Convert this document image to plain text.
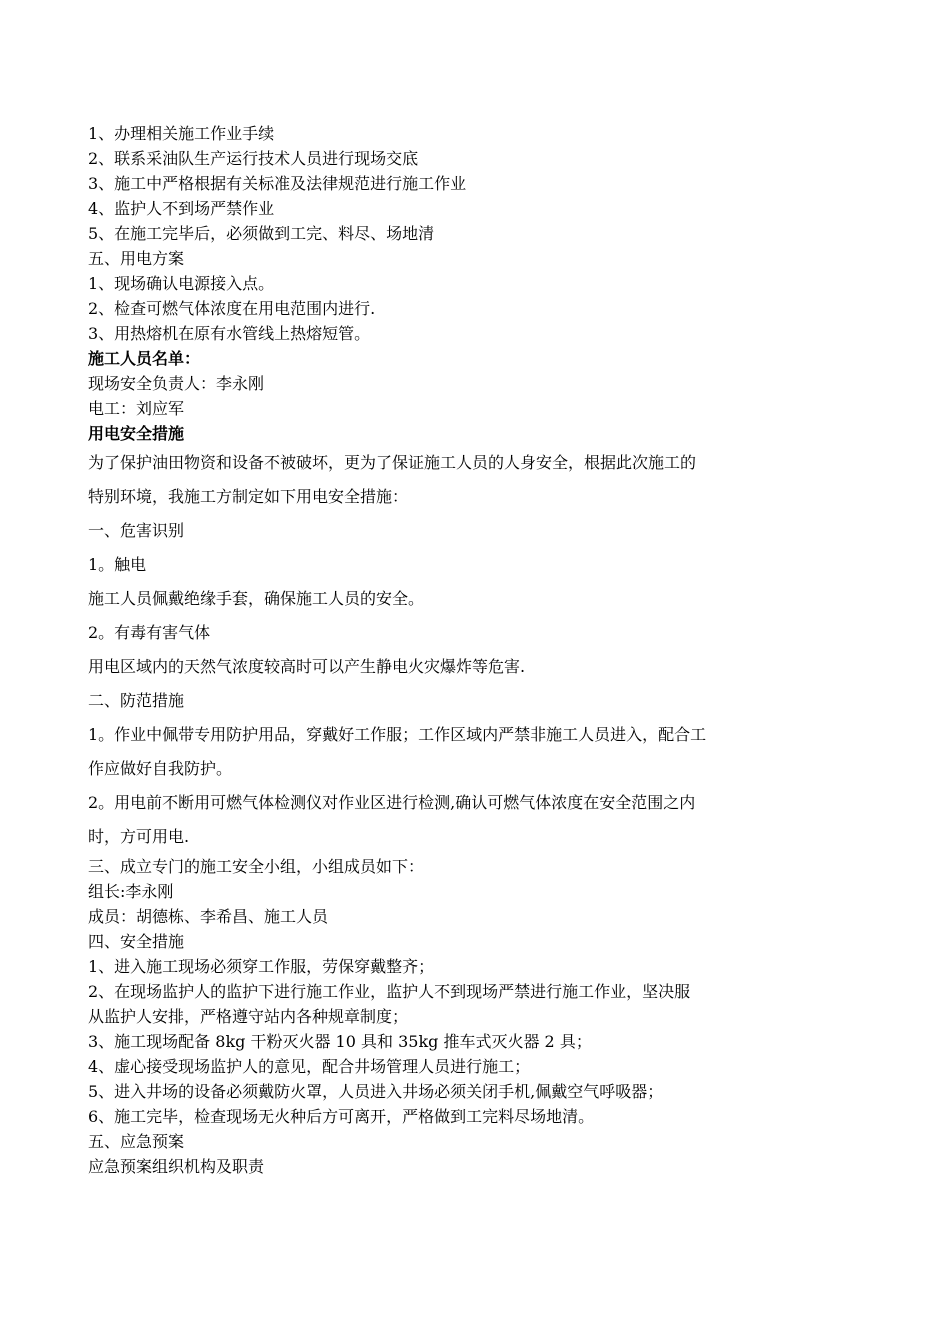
1、办理相关施工作业手续

2、联系采油队生产运行技术人员进行现场交底

3、施工中严格根据有关标准及法律规范进行施工作业

4、监护人不到场严禁作业

5、在施工完毕后，必须做到工完、料尽、场地清

五、用电方案

1、现场确认电源接入点。

2、检查可燃气体浓度在用电范围内进行.

3、用热熔机在原有水管线上热熔短管。

施工人员名单：

现场安全负责人：李永刚

电工：刘应军

用电安全措施

为了保护油田物资和设备不被破坏，更为了保证施工人员的人身安全，根据此次施工的

特别环境，我施工方制定如下用电安全措施：

一、危害识别

1。触电

施工人员佩戴绝缘手套，确保施工人员的安全。

2。有毒有害气体

用电区域内的天然气浓度较高时可以产生静电火灾爆炸等危害.

二、防范措施

1。作业中佩带专用防护用品，穿戴好工作服；工作区域内严禁非施工人员进入，配合工

作应做好自我防护。

2。用电前不断用可燃气体检测仪对作业区进行检测,确认可燃气体浓度在安全范围之内

时，方可用电.

三、成立专门的施工安全小组，小组成员如下：

组长:李永刚

成员：胡德栋、李希昌、施工人员

四、安全措施

1、进入施工现场必须穿工作服，劳保穿戴整齐；

2、在现场监护人的监护下进行施工作业，监护人不到现场严禁进行施工作业，坚决服

从监护人安排，严格遵守站内各种规章制度；

3、施工现场配备 8kg 干粉灭火器 10 具和 35kg 推车式灭火器 2 具；

4、虚心接受现场监护人的意见，配合井场管理人员进行施工；

5、进入井场的设备必须戴防火罩，人员进入井场必须关闭手机,佩戴空气呼吸器；

6、施工完毕，检查现场无火种后方可离开，严格做到工完料尽场地清。

五、应急预案

应急预案组织机构及职责
